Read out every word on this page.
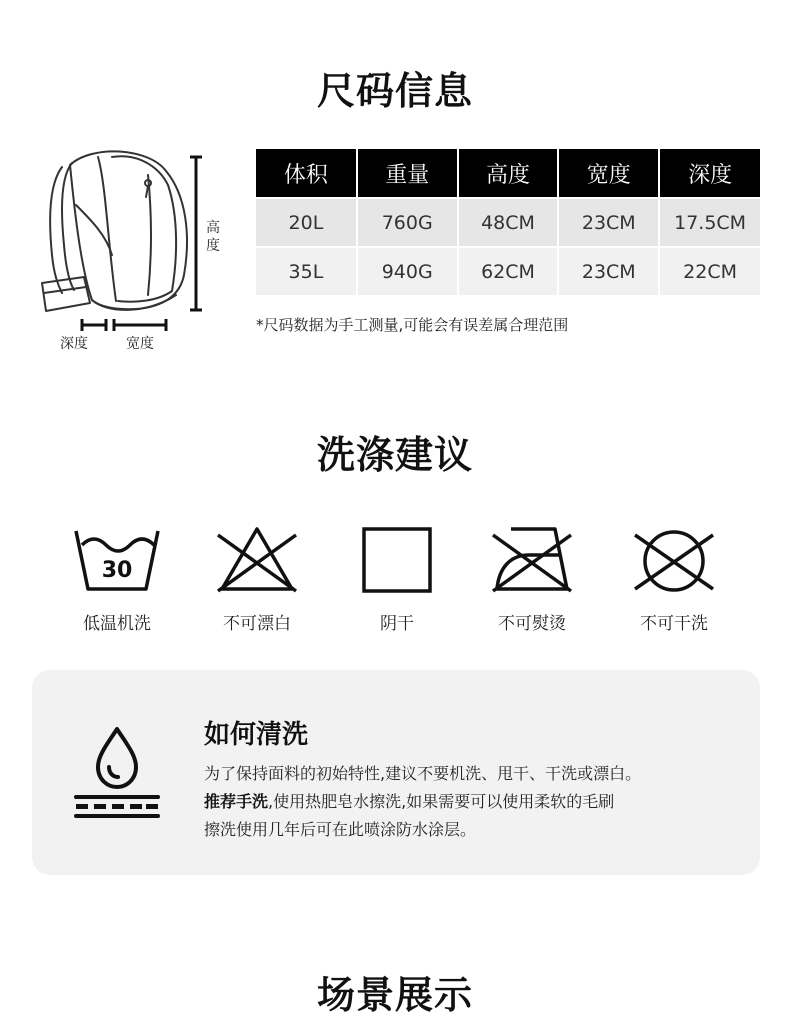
尺码信息
高度
深度	宽度
体积	重量	高度	宽度	深度
20L	760G	48CM	23CM	17.5CM
35L	940G	62CM	23CM	22CM
*尺码数据为手工测量,可能会有误差属合理范围
洗涤建议
30
低温机洗	不可漂白	阴干	不可熨烫	不可干洗
如何清洗
为了保持面料的初始特性,建议不要机洗、甩干、干洗或漂白。
推荐手洗,使用热肥皂水擦洗,如果需要可以使用柔软的毛刷
擦洗使用几年后可在此喷涂防水涂层。
场景展示
